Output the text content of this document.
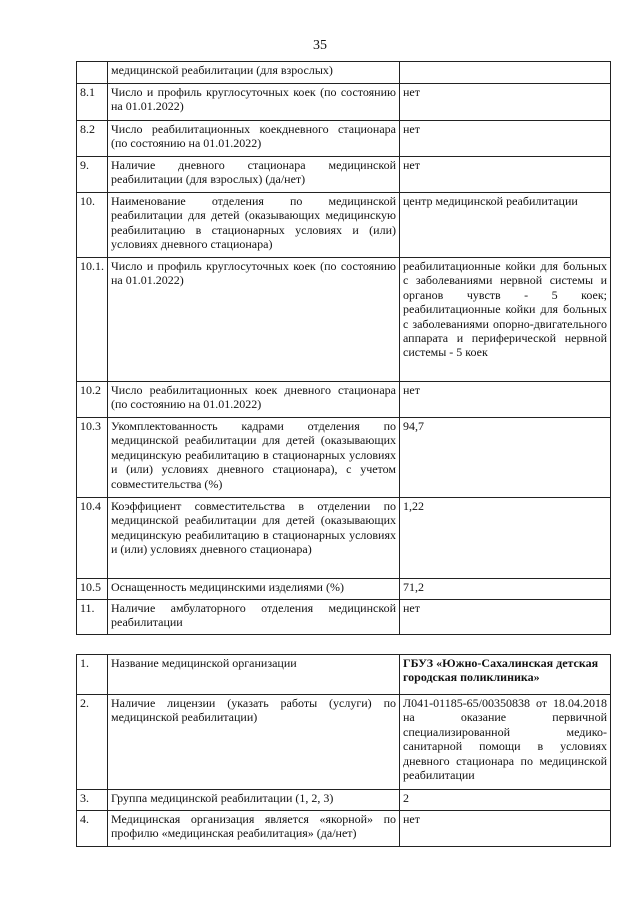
35
	медицинской реабилитации (для взрослых)	
8.1	Число и профиль круглосуточных коек (по состоянию на 01.01.2022)	нет
8.2	Число реабилитационных коекдневного стационара (по состоянию на 01.01.2022)	нет
9.	Наличие дневного стационара медицинской реабилитации (для взрослых) (да/нет)	нет
10.	Наименование отделения по медицинской реабилитации для детей (оказывающих медицинскую реабилитацию в стационарных условиях и (или) условиях дневного стационара)	центр медицинской реабилитации
10.1.	Число и профиль круглосуточных коек (по состоянию на 01.01.2022)	реабилитационные койки для больных с заболеваниями нервной системы и органов чувств - 5 коек; реабилитационные койки для больных с заболеваниями опорно-двигательного аппарата и периферической нервной системы - 5 коек
10.2	Число реабилитационных коек дневного стационара (по состоянию на 01.01.2022)	нет
10.3	Укомплектованность кадрами отделения по медицинской реабилитации для детей (оказывающих медицинскую реабилитацию в стационарных условиях и (или) условиях дневного стационара), с учетом совместительства (%)	94,7
10.4	Коэффициент совместительства в отделении по медицинской реабилитации для детей (оказывающих медицинскую реабилитацию в стационарных условиях и (или) условиях дневного стационара)	1,22
10.5	Оснащенность медицинскими изделиями (%)	71,2
11.	Наличие амбулаторного отделения медицинской реабилитации	нет
1.	Название медицинской организации	ГБУЗ «Южно-Сахалинская детская городская поликлиника»
2.	Наличие лицензии (указать работы (услуги) по медицинской реабилитации)	Л041-01185-65/00350838 от 18.04.2018 на оказание первичной специализированной медико-санитарной помощи в условиях дневного стационара по медицинской реабилитации
3.	Группа медицинской реабилитации (1, 2, 3)	2
4.	Медицинская организация является «якорной» по профилю «медицинская реабилитация» (да/нет)	нет
